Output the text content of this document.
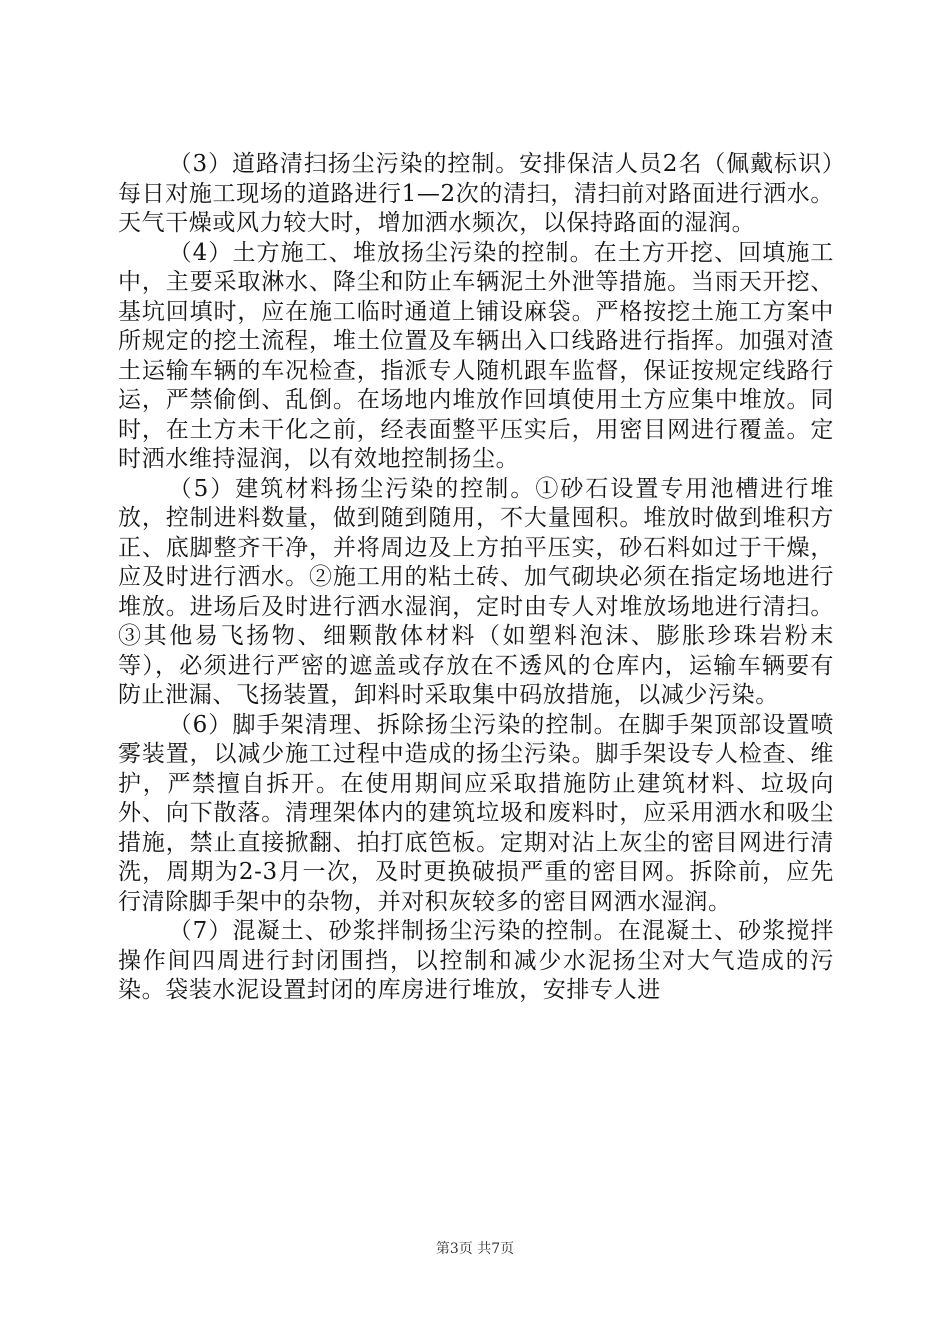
（3）道路清扫扬尘污染的控制。安排保洁人员2名（佩戴标识）每日对施工现场的道路进行1—2次的清扫，清扫前对路面进行洒水。天气干燥或风力较大时，增加洒水频次，以保持路面的湿润。

（4）土方施工、堆放扬尘污染的控制。在土方开挖、回填施工中，主要采取淋水、降尘和防止车辆泥土外泄等措施。当雨天开挖、基坑回填时，应在施工临时通道上铺设麻袋。严格按挖土施工方案中所规定的挖土流程，堆土位置及车辆出入口线路进行指挥。加强对渣土运输车辆的车况检查，指派专人随机跟车监督，保证按规定线路行运，严禁偷倒、乱倒。在场地内堆放作回填使用土方应集中堆放。同时，在土方未干化之前，经表面整平压实后，用密目网进行覆盖。定时洒水维持湿润，以有效地控制扬尘。

（5）建筑材料扬尘污染的控制。①砂石设置专用池槽进行堆放，控制进料数量，做到随到随用，不大量囤积。堆放时做到堆积方正、底脚整齐干净，并将周边及上方拍平压实，砂石料如过于干燥，应及时进行洒水。②施工用的粘土砖、加气砌块必须在指定场地进行堆放。进场后及时进行洒水湿润，定时由专人对堆放场地进行清扫。③其他易飞扬物、细颗散体材料（如塑料泡沫、膨胀珍珠岩粉末等），必须进行严密的遮盖或存放在不透风的仓库内，运输车辆要有防止泄漏、飞扬装置，卸料时采取集中码放措施，以减少污染。

（6）脚手架清理、拆除扬尘污染的控制。在脚手架顶部设置喷雾装置，以减少施工过程中造成的扬尘污染。脚手架设专人检查、维护，严禁擅自拆开。在使用期间应采取措施防止建筑材料、垃圾向外、向下散落。清理架体内的建筑垃圾和废料时，应采用洒水和吸尘措施，禁止直接掀翻、拍打底笆板。定期对沾上灰尘的密目网进行清洗，周期为2-3月一次，及时更换破损严重的密目网。拆除前，应先行清除脚手架中的杂物，并对积灰较多的密目网洒水湿润。

（7）混凝土、砂浆拌制扬尘污染的控制。在混凝土、砂浆搅拌操作间四周进行封闭围挡，以控制和减少水泥扬尘对大气造成的污染。袋装水泥设置封闭的库房进行堆放，安排专人进

第3页 共7页
